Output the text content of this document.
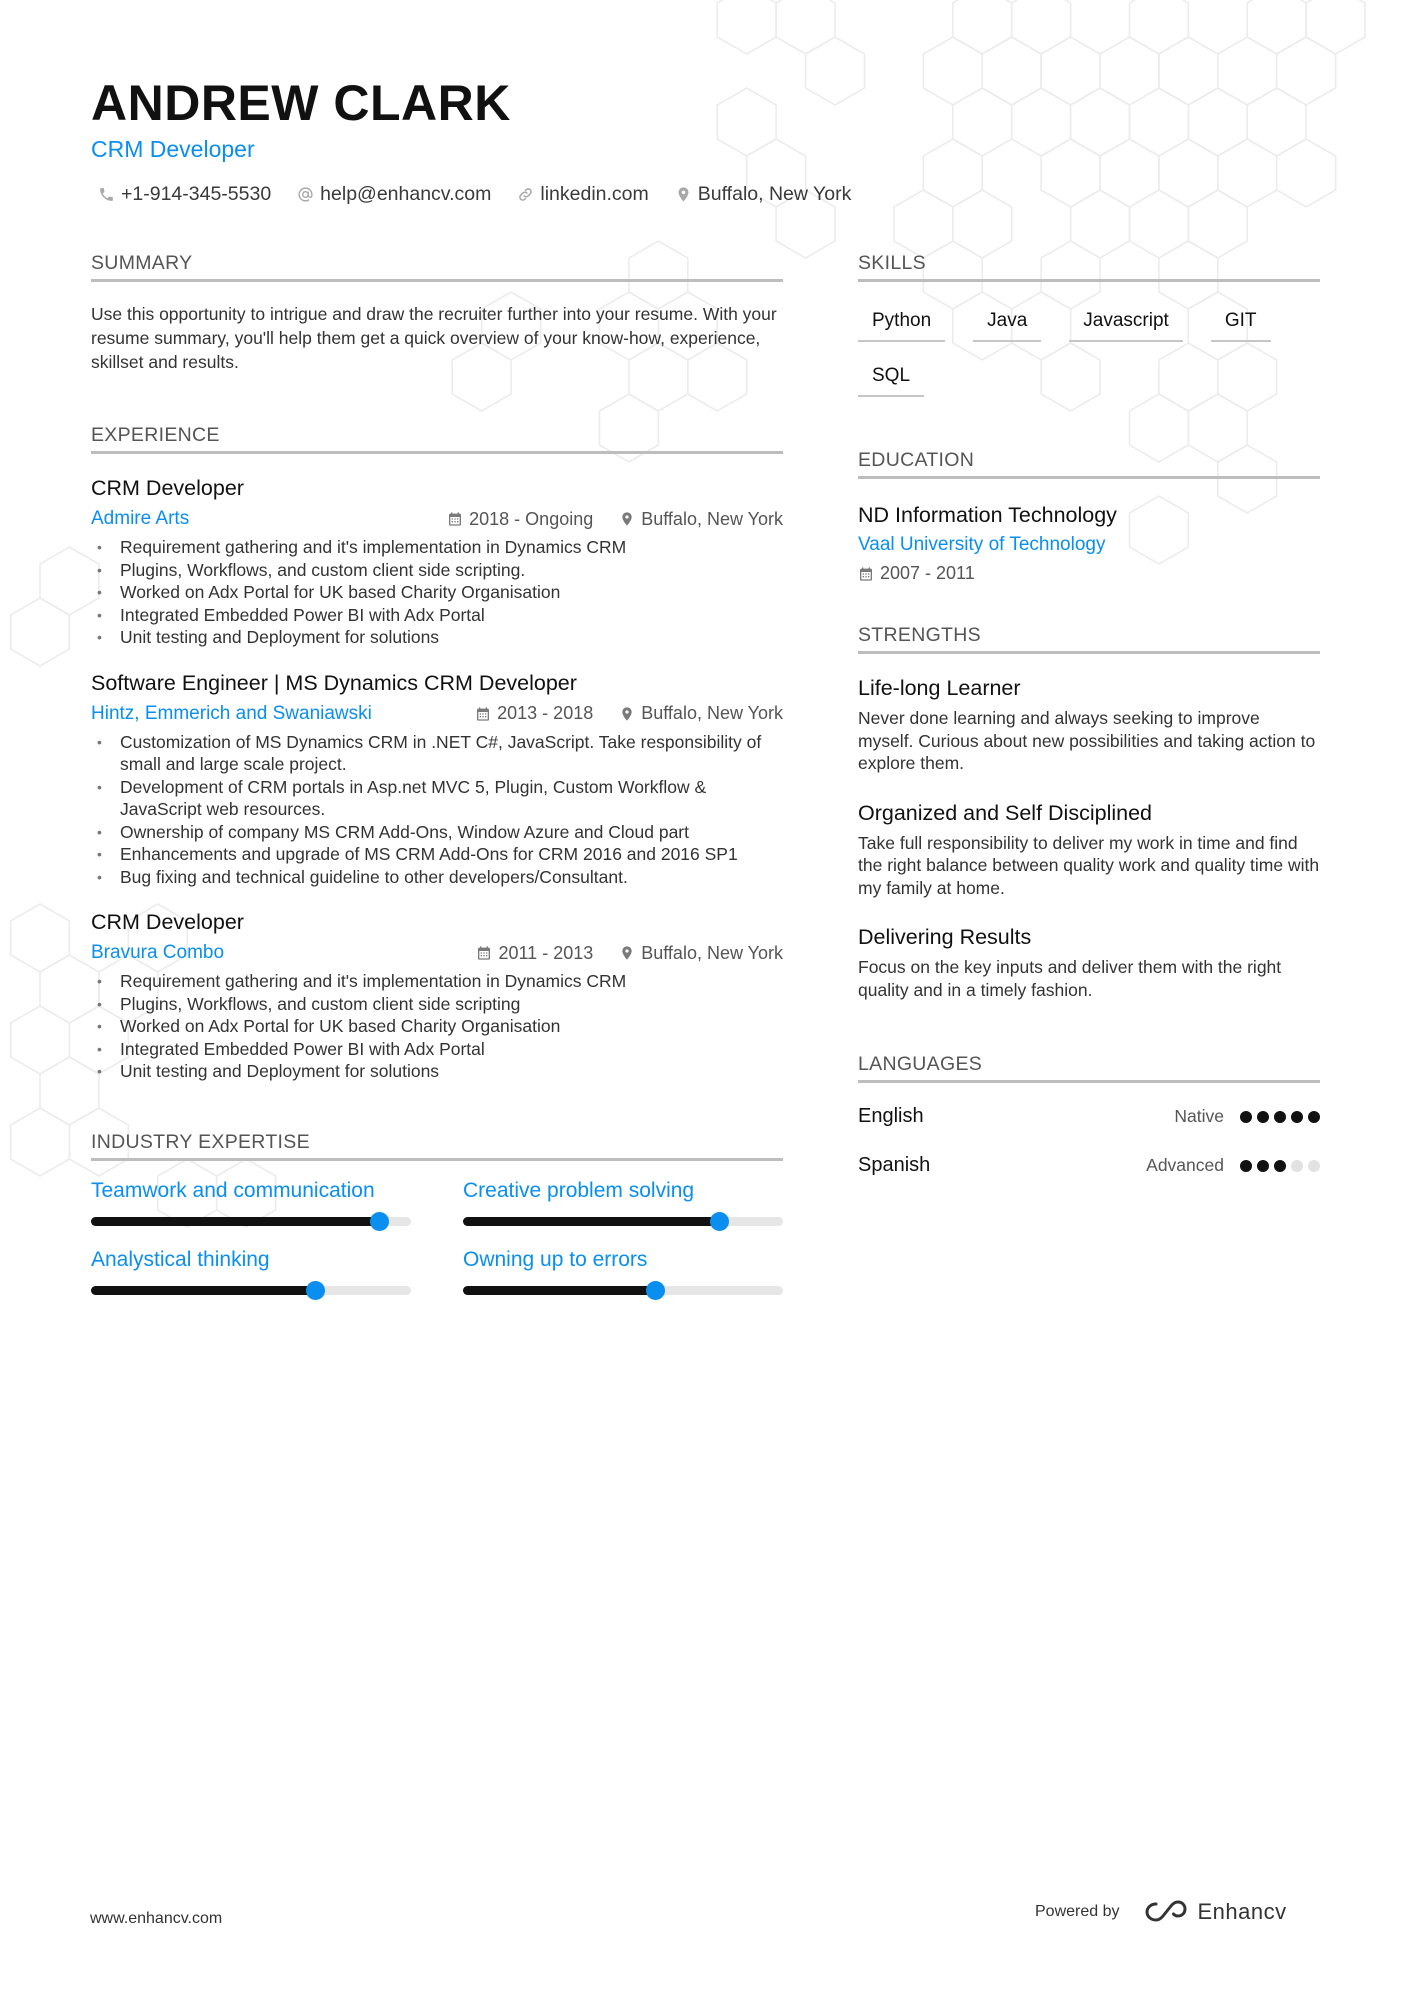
ANDREW CLARK
CRM Developer
+1-914-345-5530	help@enhancv.com	linkedin.com	Buffalo, New York
SUMMARY

Use this opportunity to intrigue and draw the recruiter further into your resume. With your resume summary, you'll help them get a quick overview of your know-how, experience, skillset and results.

EXPERIENCE
CRM Developer
Admire Arts	2018 - Ongoing	Buffalo, New York
• Requirement gathering and it's implementation in Dynamics CRM
• Plugins, Workflows, and custom client side scripting.
• Worked on Adx Portal for UK based Charity Organisation
• Integrated Embedded Power BI with Adx Portal
• Unit testing and Deployment for solutions
Software Engineer | MS Dynamics CRM Developer
Hintz, Emmerich and Swaniawski	2013 - 2018	Buffalo, New York
• Customization of MS Dynamics CRM in .NET C#, JavaScript. Take responsibility of small and large scale project.
• Development of CRM portals in Asp.net MVC 5, Plugin, Custom Workflow & JavaScript web resources.
• Ownership of company MS CRM Add-Ons, Window Azure and Cloud part
• Enhancements and upgrade of MS CRM Add-Ons for CRM 2016 and 2016 SP1
• Bug fixing and technical guideline to other developers/Consultant.
CRM Developer
Bravura Combo	2011 - 2013	Buffalo, New York
• Requirement gathering and it's implementation in Dynamics CRM
• Plugins, Workflows, and custom client side scripting
• Worked on Adx Portal for UK based Charity Organisation
• Integrated Embedded Power BI with Adx Portal
• Unit testing and Deployment for solutions
INDUSTRY EXPERTISE
Teamwork and communication	Creative problem solving
Analystical thinking	Owning up to errors
SKILLS
Python	Java	Javascript	GIT
SQL
EDUCATION
ND Information Technology
Vaal University of Technology
2007 - 2011
STRENGTHS
Life-long Learner
Never done learning and always seeking to improve myself. Curious about new possibilities and taking action to explore them.
Organized and Self Disciplined
Take full responsibility to deliver my work in time and find the right balance between quality work and quality time with my family at home.
Delivering Results
Focus on the key inputs and deliver them with the right quality and in a timely fashion.
LANGUAGES
English	Native
Spanish	Advanced
www.enhancv.com	Powered by	Enhancv
